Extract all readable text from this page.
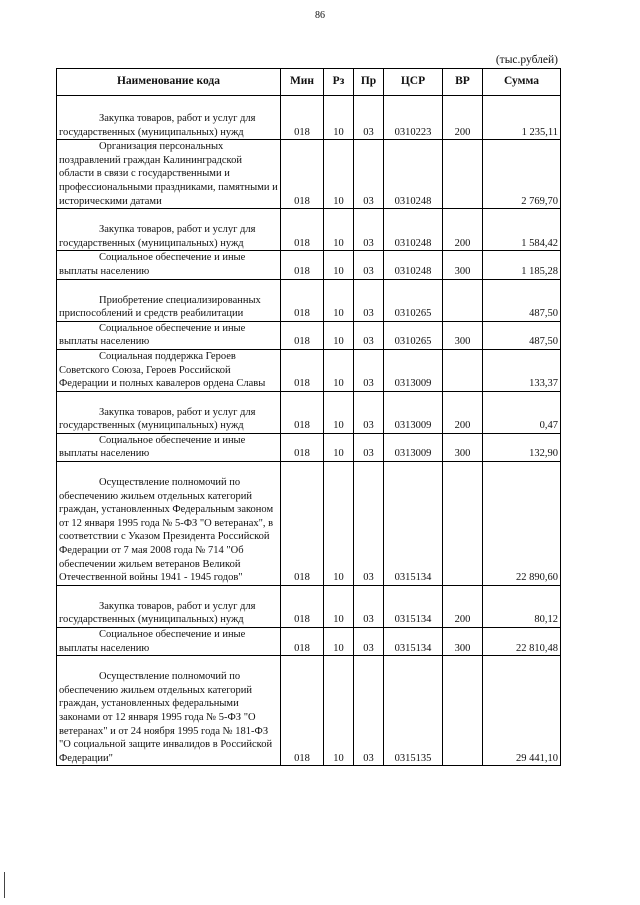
86
(тыс.рублей)
Наименование кода	Мин	Рз	Пр	ЦСР	ВР	Сумма
Закупка товаров, работ и услуг для государственных (муниципальных) нужд	018	10	03	0310223	200	1 235,11
Организация персональных поздравлений граждан Калининградской области в связи с государственными и профессиональными праздниками, памятными и историческими датами	018	10	03	0310248		2 769,70
Закупка товаров, работ и услуг для государственных (муниципальных) нужд	018	10	03	0310248	200	1 584,42
Социальное обеспечение и иные выплаты населению	018	10	03	0310248	300	1 185,28
Приобретение специализированных приспособлений и средств реабилитации	018	10	03	0310265		487,50
Социальное обеспечение и иные выплаты населению	018	10	03	0310265	300	487,50
Социальная поддержка Героев Советского Союза, Героев Российской Федерации и полных кавалеров ордена Славы	018	10	03	0313009		133,37
Закупка товаров, работ и услуг для государственных (муниципальных) нужд	018	10	03	0313009	200	0,47
Социальное обеспечение и иные выплаты населению	018	10	03	0313009	300	132,90
Осуществление полномочий по обеспечению жильем отдельных категорий граждан, установленных Федеральным законом от 12 января 1995 года № 5-ФЗ "О ветеранах", в соответствии с Указом Президента Российской Федерации от 7 мая 2008 года № 714 "Об обеспечении жильем ветеранов Великой Отечественной войны 1941 - 1945 годов"	018	10	03	0315134		22 890,60
Закупка товаров, работ и услуг для государственных (муниципальных) нужд	018	10	03	0315134	200	80,12
Социальное обеспечение и иные выплаты населению	018	10	03	0315134	300	22 810,48
Осуществление полномочий по обеспечению жильем отдельных категорий граждан, установленных федеральными законами от 12 января 1995 года № 5-ФЗ "О ветеранах" и от 24 ноября 1995 года № 181-ФЗ "О социальной защите инвалидов в Российской Федерации"	018	10	03	0315135		29 441,10
